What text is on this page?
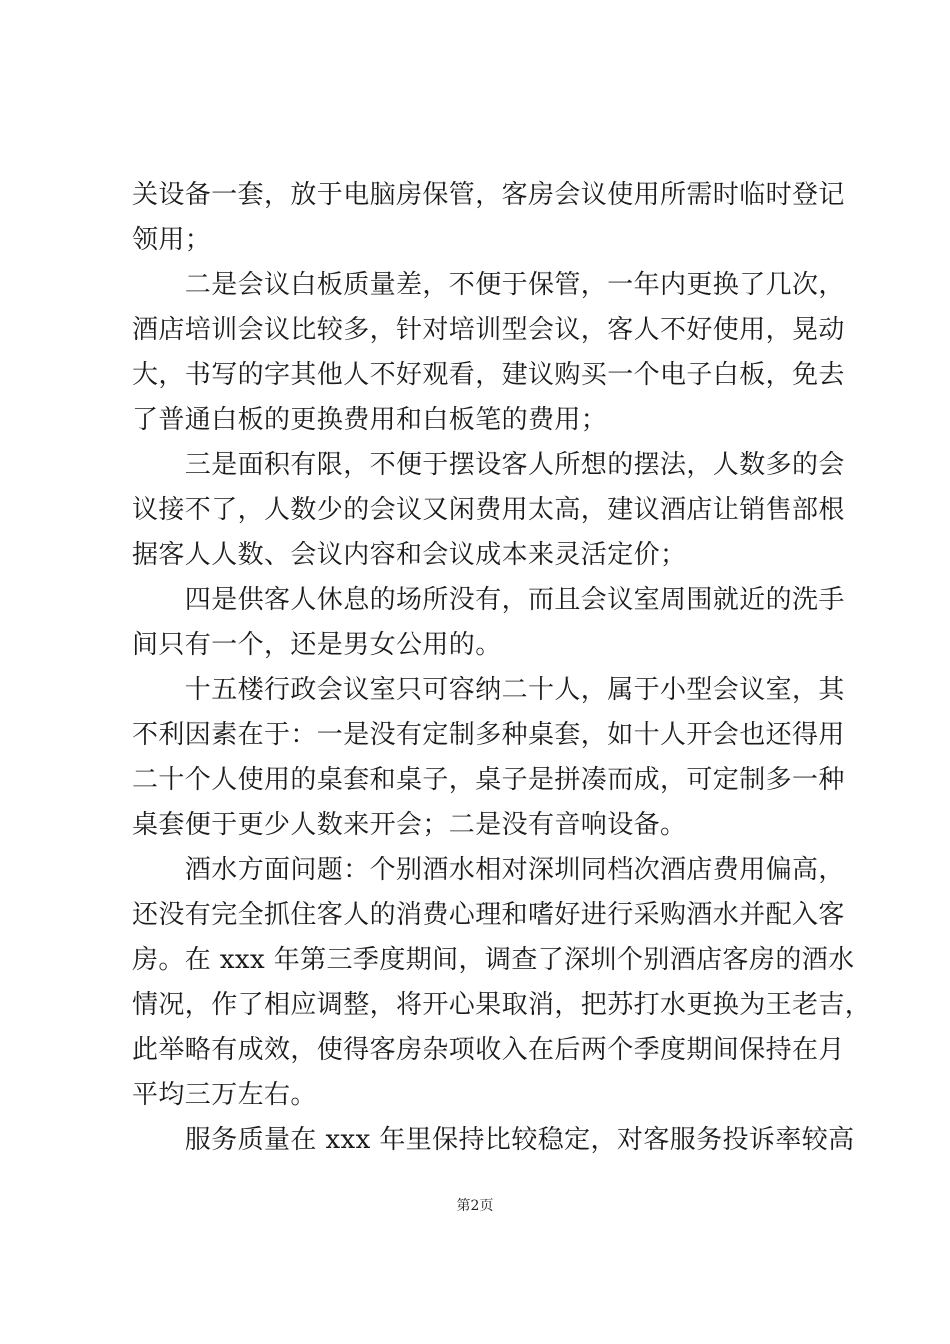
关设备一套，放于电脑房保管，客房会议使用所需时临时登记
领用；
　　二是会议白板质量差，不便于保管，一年内更换了几次，
酒店培训会议比较多，针对培训型会议，客人不好使用，晃动
大，书写的字其他人不好观看，建议购买一个电子白板，免去
了普通白板的更换费用和白板笔的费用；
　　三是面积有限，不便于摆设客人所想的摆法，人数多的会
议接不了，人数少的会议又闲费用太高，建议酒店让销售部根
据客人人数、会议内容和会议成本来灵活定价；
　　四是供客人休息的场所没有，而且会议室周围就近的洗手
间只有一个，还是男女公用的。
　　十五楼行政会议室只可容纳二十人，属于小型会议室，其
不利因素在于：一是没有定制多种桌套，如十人开会也还得用
二十个人使用的桌套和桌子，桌子是拼凑而成，可定制多一种
桌套便于更少人数来开会；二是没有音响设备。
　　酒水方面问题：个别酒水相对深圳同档次酒店费用偏高，
还没有完全抓住客人的消费心理和嗜好进行采购酒水并配入客
房。在 xxx 年第三季度期间，调查了深圳个别酒店客房的酒水
情况，作了相应调整，将开心果取消，把苏打水更换为王老吉，
此举略有成效，使得客房杂项收入在后两个季度期间保持在月
平均三万左右。
　　服务质量在 xxx 年里保持比较稳定，对客服务投诉率较高
第2页
